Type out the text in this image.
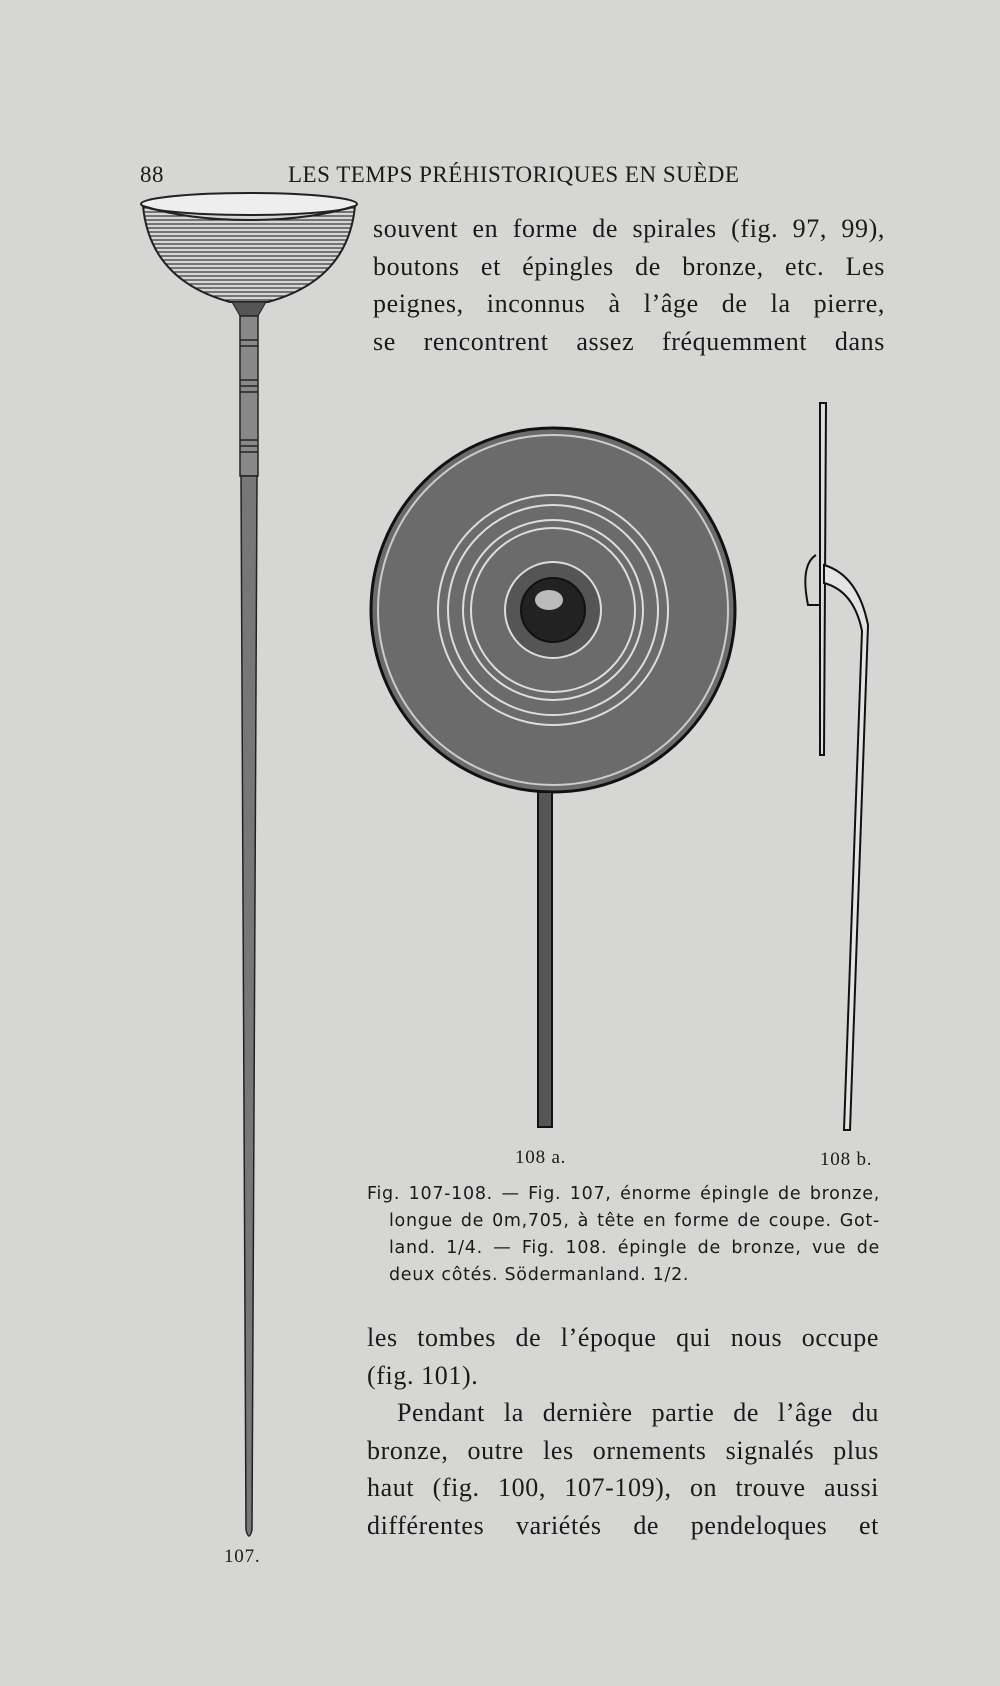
88	LES TEMPS PRÉHISTORIQUES EN SUÈDE
souvent en forme de spirales (fig. 97, 99),
boutons et épingles de bronze, etc. Les
peignes, inconnus à l’âge de la pierre,
se rencontrent assez fréquemment dans
108 a.	108 b.
Fig. 107-108. — Fig. 107, énorme épingle de bronze,
longue de 0m,705, à tête en forme de coupe. Got-
land. 1/4. — Fig. 108. épingle de bronze, vue de
deux côtés. Södermanland. 1/2.
les tombes de l’époque qui nous occupe
(fig. 101).
Pendant la dernière partie de l’âge du
bronze, outre les ornements signalés plus
haut (fig. 100, 107-109), on trouve aussi
différentes variétés de pendeloques et
107.
